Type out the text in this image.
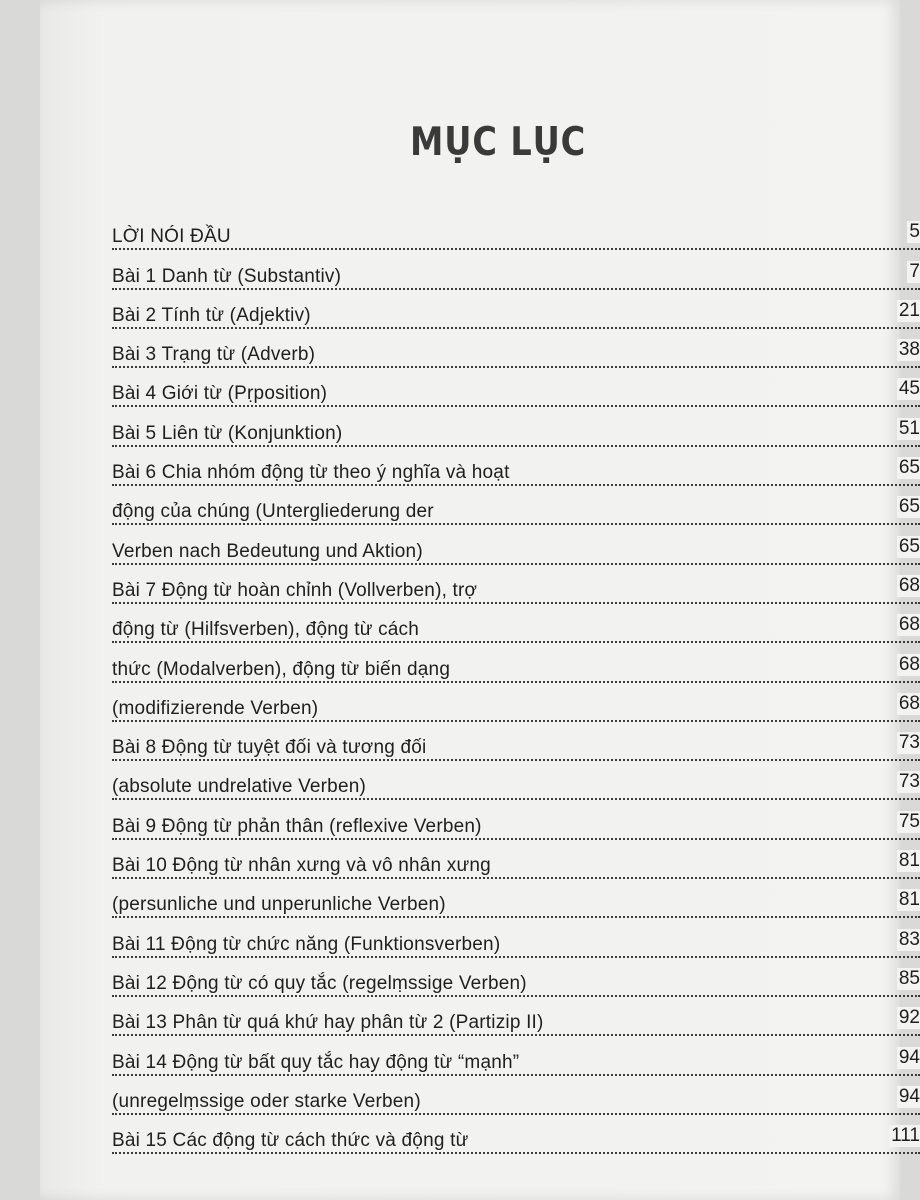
MỤC LỤC
LỜI NÓI ĐẦU	5
Bài 1 Danh từ (Substantiv)	7
Bài 2 Tính từ (Adjektiv)	21
Bài 3 Trạng từ (Adverb)	38
Bài 4 Giới từ (Pṛposition)	45
Bài 5 Liên từ (Konjunktion)	51
Bài 6 Chia nhóm động từ theo ý nghĩa và hoạt	65
động của chúng (Untergliederung der	65
Verben nach Bedeutung und Aktion)	65
Bài 7 Động từ hoàn chỉnh (Vollverben), trợ	68
động từ (Hilfsverben), động từ cách	68
thức (Modalverben), động từ biến dạng	68
(modifizierende Verben)	68
Bài 8 Động từ tuyệt đối và tương đối	73
(absolute undrelative Verben)	73
Bài 9 Động từ phản thân (reflexive Verben)	75
Bài 10 Động từ nhân xưng và vô nhân xưng	81
(persunliche und unperunliche Verben)	81
Bài 11 Động từ chức năng (Funktionsverben)	83
Bài 12 Động từ có quy tắc (regelṃssige Verben)	85
Bài 13 Phân từ quá khứ hay phân từ 2 (Partizip II)	92
Bài 14 Động từ bất quy tắc hay động từ “mạnh”	94
(unregelṃssige oder starke Verben)	94
Bài 15 Các động từ cách thức và động từ	111
